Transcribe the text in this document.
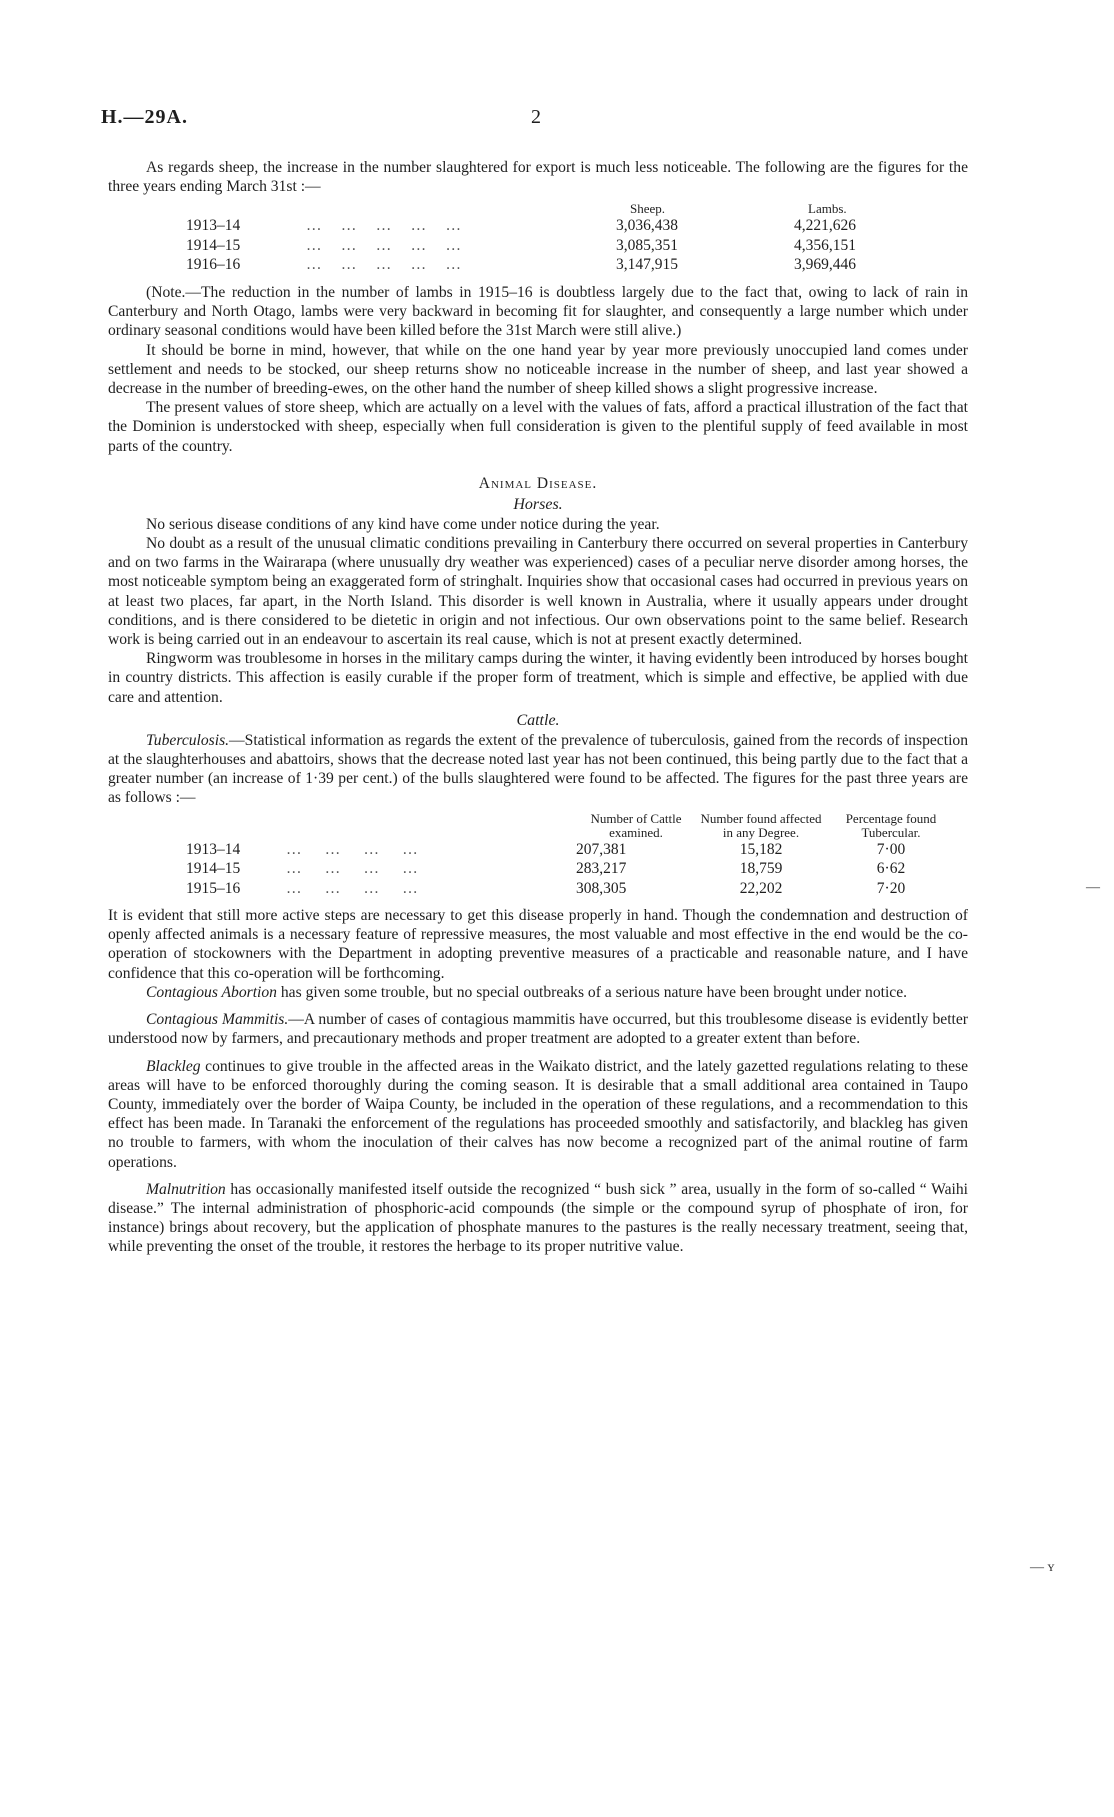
H.—29A.	2

As regards sheep, the increase in the number slaughtered for export is much less noticeable. The following are the figures for the three years ending March 31st :—

		Sheep.	Lambs.
1913–14	…     …     …     …     …	3,036,438	4,221,626
1914–15	…     …     …     …     …	3,085,351	4,356,151
1916–16	…     …     …     …     …	3,147,915	3,969,446

(Note.—The reduction in the number of lambs in 1915–16 is doubtless largely due to the fact that, owing to lack of rain in Canterbury and North Otago, lambs were very backward in becoming fit for slaughter, and consequently a large number which under ordinary seasonal conditions would have been killed before the 31st March were still alive.)

It should be borne in mind, however, that while on the one hand year by year more previously unoccupied land comes under settlement and needs to be stocked, our sheep returns show no noticeable increase in the number of sheep, and last year showed a decrease in the number of breeding-ewes, on the other hand the number of sheep killed shows a slight progressive increase.

The present values of store sheep, which are actually on a level with the values of fats, afford a practical illustration of the fact that the Dominion is understocked with sheep, especially when full consideration is given to the plentiful supply of feed available in most parts of the country.

Animal Disease.
Horses.

No serious disease conditions of any kind have come under notice during the year.

No doubt as a result of the unusual climatic conditions prevailing in Canterbury there occurred on several properties in Canterbury and on two farms in the Wairarapa (where unusually dry weather was experienced) cases of a peculiar nerve disorder among horses, the most noticeable symptom being an exaggerated form of stringhalt. Inquiries show that occasional cases had occurred in previous years on at least two places, far apart, in the North Island. This disorder is well known in Australia, where it usually appears under drought conditions, and is there considered to be dietetic in origin and not infectious. Our own observations point to the same belief. Research work is being carried out in an endeavour to ascertain its real cause, which is not at present exactly determined.

Ringworm was troublesome in horses in the military camps during the winter, it having evidently been introduced by horses bought in country districts. This affection is easily curable if the proper form of treatment, which is simple and effective, be applied with due care and attention.

Cattle.

Tuberculosis.—Statistical information as regards the extent of the prevalence of tuberculosis, gained from the records of inspection at the slaughterhouses and abattoirs, shows that the decrease noted last year has not been continued, this being partly due to the fact that a greater number (an increase of 1·39 per cent.) of the bulls slaughtered were found to be affected. The figures for the past three years are as follows :—

		Number of Cattle examined.	Number found affected in any Degree.	Percentage found Tubercular.
1913–14	…      …      …      …	207,381	15,182	7·00
1914–15	…      …      …      …	283,217	18,759	6·62
1915–16	…      …      …      …	308,305	22,202	7·20

It is evident that still more active steps are necessary to get this disease properly in hand. Though the condemnation and destruction of openly affected animals is a necessary feature of repressive measures, the most valuable and most effective in the end would be the co-operation of stockowners with the Department in adopting preventive measures of a practicable and reasonable nature, and I have confidence that this co-operation will be forthcoming.

Contagious Abortion has given some trouble, but no special outbreaks of a serious nature have been brought under notice.

Contagious Mammitis.—A number of cases of contagious mammitis have occurred, but this troublesome disease is evidently better understood now by farmers, and precautionary methods and proper treatment are adopted to a greater extent than before.

Blackleg continues to give trouble in the affected areas in the Waikato district, and the lately gazetted regulations relating to these areas will have to be enforced thoroughly during the coming season. It is desirable that a small additional area contained in Taupo County, immediately over the border of Waipa County, be included in the operation of these regulations, and a recommendation to this effect has been made. In Taranaki the enforcement of the regulations has proceeded smoothly and satisfactorily, and blackleg has given no trouble to farmers, with whom the inoculation of their calves has now become a recognized part of the animal routine of farm operations.

Malnutrition has occasionally manifested itself outside the recognized “ bush sick ” area, usually in the form of so-called “ Waihi disease.” The internal administration of phosphoric-acid compounds (the simple or the compound syrup of phosphate of iron, for instance) brings about recovery, but the application of phosphate manures to the pastures is the really necessary treatment, seeing that, while preventing the onset of the trouble, it restores the herbage to its proper nutritive value.

—
— ʏ
